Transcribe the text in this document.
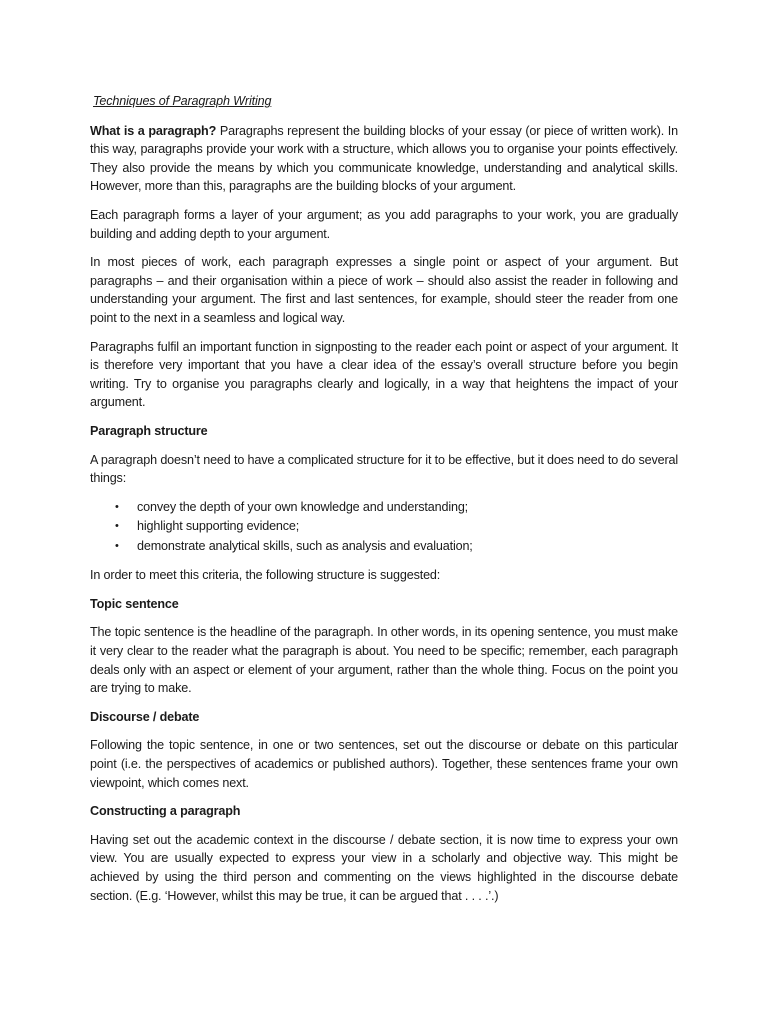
Techniques of Paragraph Writing

What is a paragraph? Paragraphs represent the building blocks of your essay (or piece of written work). In this way, paragraphs provide your work with a structure, which allows you to organise your points effectively. They also provide the means by which you communicate knowledge, understanding and analytical skills. However, more than this, paragraphs are the building blocks of your argument.

Each paragraph forms a layer of your argument; as you add paragraphs to your work, you are gradually building and adding depth to your argument.

In most pieces of work, each paragraph expresses a single point or aspect of your argument. But paragraphs – and their organisation within a piece of work – should also assist the reader in following and understanding your argument. The first and last sentences, for example, should steer the reader from one point to the next in a seamless and logical way.

Paragraphs fulfil an important function in signposting to the reader each point or aspect of your argument. It is therefore very important that you have a clear idea of the essay’s overall structure before you begin writing. Try to organise you paragraphs clearly and logically, in a way that heightens the impact of your argument.

Paragraph structure

A paragraph doesn’t need to have a complicated structure for it to be effective, but it does need to do several things:

• convey the depth of your own knowledge and understanding;
• highlight supporting evidence;
• demonstrate analytical skills, such as analysis and evaluation;

In order to meet this criteria, the following structure is suggested:

Topic sentence

The topic sentence is the headline of the paragraph. In other words, in its opening sentence, you must make it very clear to the reader what the paragraph is about. You need to be specific; remember, each paragraph deals only with an aspect or element of your argument, rather than the whole thing. Focus on the point you are trying to make.

Discourse / debate

Following the topic sentence, in one or two sentences, set out the discourse or debate on this particular point (i.e. the perspectives of academics or published authors). Together, these sentences frame your own viewpoint, which comes next.

Constructing a paragraph

Having set out the academic context in the discourse / debate section, it is now time to express your own view. You are usually expected to express your view in a scholarly and objective way. This might be achieved by using the third person and commenting on the views highlighted in the discourse debate section. (E.g. ‘However, whilst this may be true, it can be argued that . . . .’.)
